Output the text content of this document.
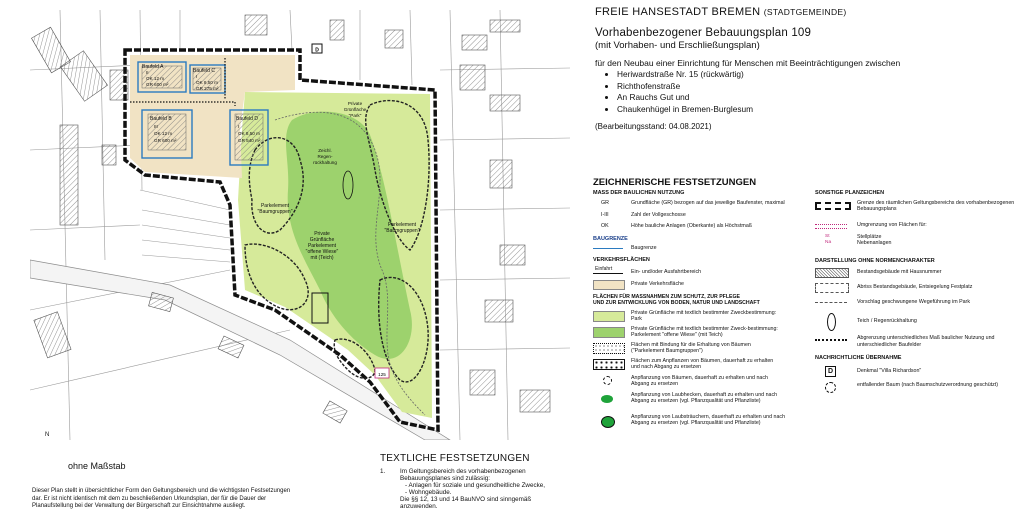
Baufeld A
II
OK 12 m
GR 600 m²
Baufeld C
I
OK 8,50 m
GR 275 m²
Baufeld B
III
OK 12 m
GR 600 m²
Baufeld D
I
OK 8,50 m
GR 540 m²
Private
Grünfläche
"Park"
Zeichl.
Regen-
rückhaltung
Parkelement
"Baumgruppen"
Parkelement
"Baumgruppen"
Private
Grünfläche
Parkelement
"offene Wiese"
mit (Teich)
D
125
N
ohne Maßstab
Dieser Plan stellt in übersichtlicher Form den Geltungsbereich und die wichtigsten Festsetzungen
dar. Er ist nicht identisch mit dem zu beschließenden Urkundsplan, der für die Dauer der
Planaufstellung bei der Verwaltung der Bürgerschaft zur Einsichtnahme ausliegt.
TEXTLICHE FESTSETZUNGEN
1. Im Geltungsbereich des vorhabenbezogenen
Bebauungsplanes sind zulässig:
- Anlagen für soziale und gesundheitliche Zwecke,
- Wohngebäude.
Die §§ 12, 13 und 14 BauNVO sind sinngemäß
anzuwenden.
FREIE HANSESTADT BREMEN (STADTGEMEINDE)
Vorhabenbezogener Bebauungsplan 109
(mit Vorhaben- und Erschließungsplan)
für den Neubau einer Einrichtung für Menschen mit Beeinträchtigungen zwischen
• Heriwardstraße Nr. 15 (rückwärtig)
• Richthofenstraße
• An Rauchs Gut und
• Chaukenhügel in Bremen-Burglesum
(Bearbeitungsstand: 04.08.2021)
ZEICHNERISCHE FESTSETZUNGEN
MASS DER BAULICHEN NUTZUNG
GR	Grundfläche (GR) bezogen auf das jeweilige Baufenster, maximal
I-III	Zahl der Vollgeschosse
OK	Höhe bauliche Anlagen (Oberkante) als Höchstmaß
BAUGRENZE
Baugrenze
VERKEHRSFLÄCHEN
Einfahrt	Ein- und/oder Ausfahrtbereich
Private Verkehrsfläche
FLÄCHEN FÜR MASSNAHMEN ZUM SCHUTZ, ZUR PFLEGE
UND ZUR ENTWICKLUNG VON BODEN, NATUR UND LANDSCHAFT
Private Grünfläche mit textlich bestimmter Zweckbestimmung: Park
Private Grünfläche mit textlich bestimmter Zweck-bestimmung: Parkelement "offene Wiese" (mit Teich)
Flächen mit Bindung für die Erhaltung von Bäumen ("Parkelement Baumgruppen")
Flächen zum Anpflanzen von Bäumen, dauerhaft zu erhalten und nach Abgang zu ersetzen
Anpflanzung von Bäumen, dauerhaft zu erhalten und nach Abgang zu ersetzen
Anpflanzung von Laubhecken, dauerhaft zu erhalten und nach Abgang zu ersetzen (vgl. Pflanzqualität und Pflanzliste)
Anpflanzung von Laubsträuchern, dauerhaft zu erhalten und nach Abgang zu ersetzen (vgl. Pflanzqualität und Pflanzliste)
SONSTIGE PLANZEICHEN
Grenze des räumlichen Geltungsbereichs des vorhabenbezogenen Bebauungsplans
Umgrenzung von Flächen für:
St
Na
Stellplätze Nebenanlagen
DARSTELLUNG OHNE NORMENCHARAKTER
Bestandsgebäude mit Hausnummer
Abriss Bestandsgebäude, Entsiegelung Festplatz
Vorschlag geschwungene Wegeführung im Park
Teich / Regenrückhaltung
Abgrenzung unterschiedliches Maß baulicher Nutzung und unterschiedlicher Baufelder
NACHRICHTLICHE ÜBERNAHME
D	Denkmal "Villa Richardson"
entfallender Baum (nach Baumschutzverordnung geschützt)
